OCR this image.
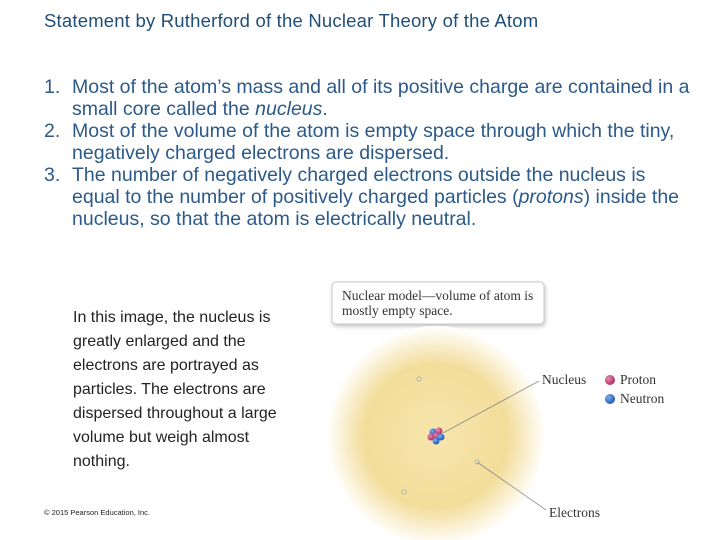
Statement by Rutherford of the Nuclear Theory of the Atom
1. Most of the atom’s mass and all of its positive charge are contained in a small core called the nucleus.
2. Most of the volume of the atom is empty space through which the tiny, negatively charged electrons are dispersed.
3. The number of negatively charged electrons outside the nucleus is equal to the number of positively charged particles (protons) inside the nucleus, so that the atom is electrically neutral.
In this image, the nucleus is greatly enlarged and the electrons are portrayed as particles. The electrons are dispersed throughout a large volume but weigh almost nothing.
© 2015 Pearson Education, Inc.
Nuclear model—volume of atom is mostly empty space.
Nucleus	Proton
Neutron
Electrons
